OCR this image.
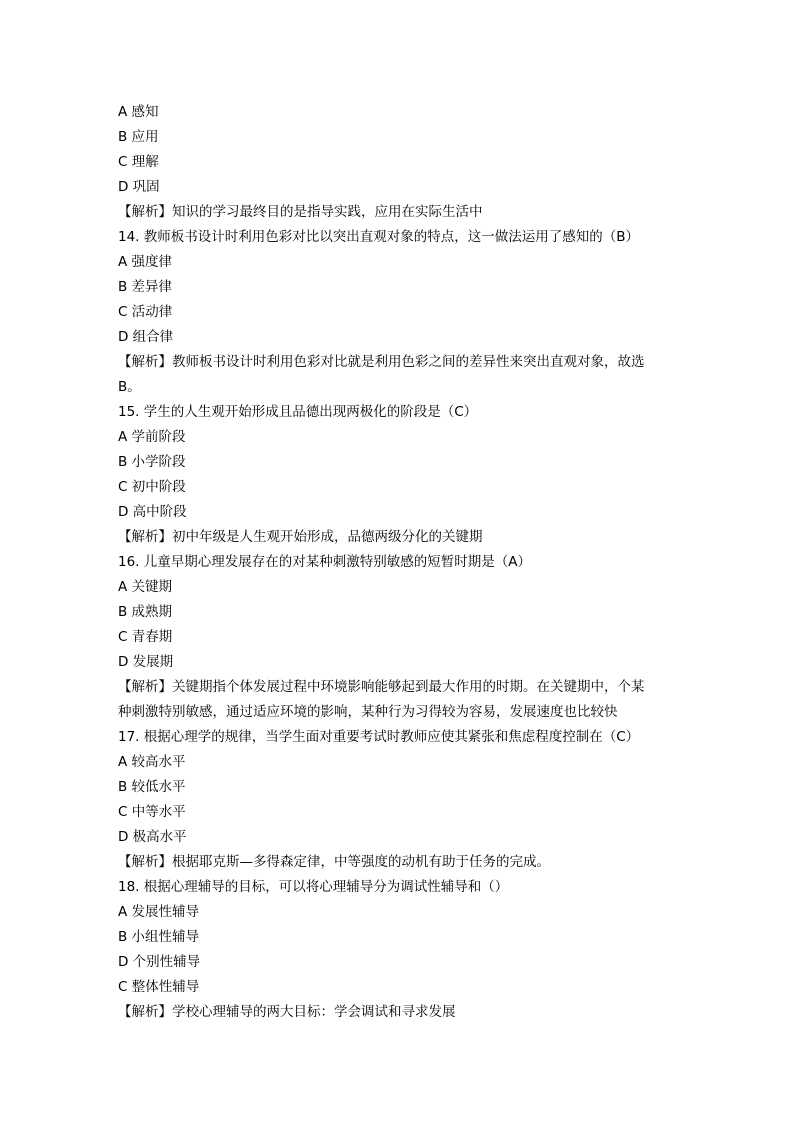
A 感知
B 应用
C 理解
D 巩固
【解析】知识的学习最终目的是指导实践，应用在实际生活中
14. 教师板书设计时利用色彩对比以突出直观对象的特点，这一做法运用了感知的（B）
A 强度律
B 差异律
C 活动律
D 组合律
【解析】教师板书设计时利用色彩对比就是利用色彩之间的差异性来突出直观对象，故选
B。
15. 学生的人生观开始形成且品德出现两极化的阶段是（C）
A 学前阶段
B 小学阶段
C 初中阶段
D 高中阶段
【解析】初中年级是人生观开始形成，品德两级分化的关键期
16. 儿童早期心理发展存在的对某种刺激特别敏感的短暂时期是（A）
A 关键期
B 成熟期
C 青春期
D 发展期
【解析】关键期指个体发展过程中环境影响能够起到最大作用的时期。在关键期中，个某
种刺激特别敏感，通过适应环境的影响，某种行为习得较为容易，发展速度也比较快
17. 根据心理学的规律，当学生面对重要考试时教师应使其紧张和焦虑程度控制在（C）
A 较高水平
B 较低水平
C 中等水平
D 极高水平
【解析】根据耶克斯—多得森定律，中等强度的动机有助于任务的完成。
18. 根据心理辅导的目标，可以将心理辅导分为调试性辅导和（）
A 发展性辅导
B 小组性辅导
D 个别性辅导
C 整体性辅导
【解析】学校心理辅导的两大目标：学会调试和寻求发展
